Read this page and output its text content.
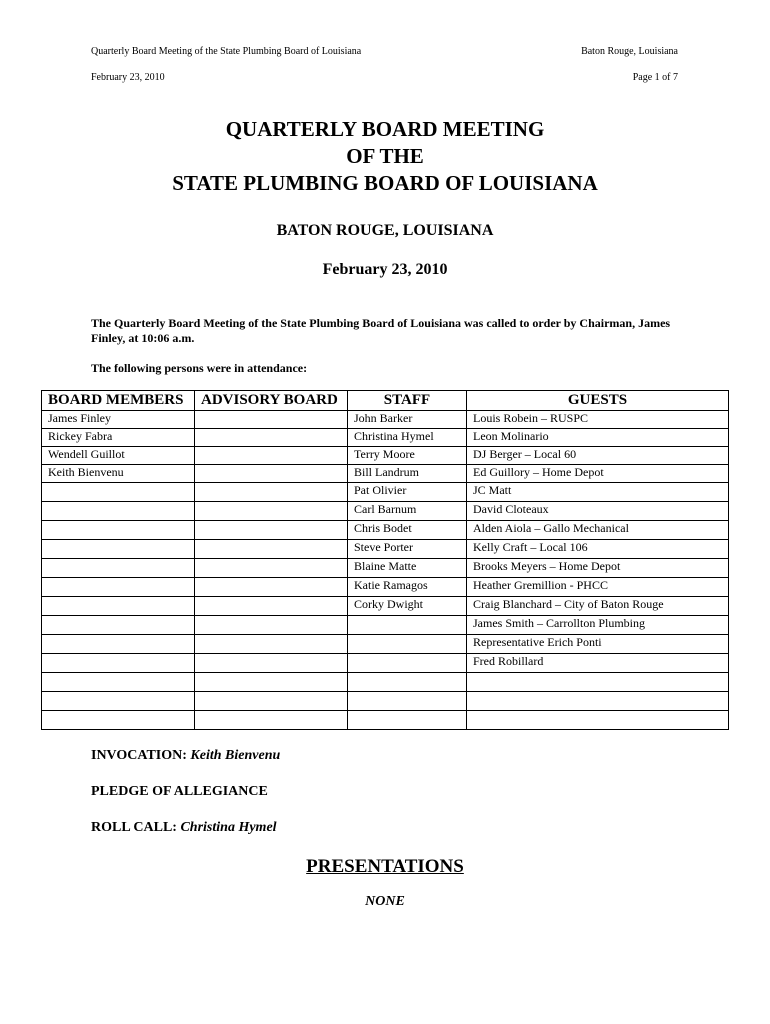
Quarterly Board Meeting of the State Plumbing Board of Louisiana	Baton Rouge, Louisiana
February 23, 2010	Page 1 of 7
QUARTERLY BOARD MEETING
OF THE
STATE PLUMBING BOARD OF LOUISIANA
BATON ROUGE, LOUISIANA
February 23, 2010
The Quarterly Board Meeting of the State Plumbing Board of Louisiana was called to order by Chairman, James Finley, at 10:06 a.m.
The following persons were in attendance:
BOARD MEMBERS	ADVISORY BOARD	STAFF	GUESTS
James Finley		John Barker	Louis Robein – RUSPC
Rickey Fabra		Christina Hymel	Leon Molinario
Wendell Guillot		Terry Moore	DJ Berger – Local 60
Keith Bienvenu		Bill Landrum	Ed Guillory – Home Depot
		Pat Olivier	JC Matt
		Carl Barnum	David Cloteaux
		Chris Bodet	Alden Aiola – Gallo Mechanical
		Steve Porter	Kelly Craft – Local 106
		Blaine Matte	Brooks Meyers – Home Depot
		Katie Ramagos	Heather Gremillion - PHCC
		Corky Dwight	Craig Blanchard – City of Baton Rouge
			James Smith – Carrollton Plumbing
			Representative Erich Ponti
			Fred Robillard

INVOCATION: Keith Bienvenu
PLEDGE OF ALLEGIANCE
ROLL CALL: Christina Hymel
PRESENTATIONS
NONE
